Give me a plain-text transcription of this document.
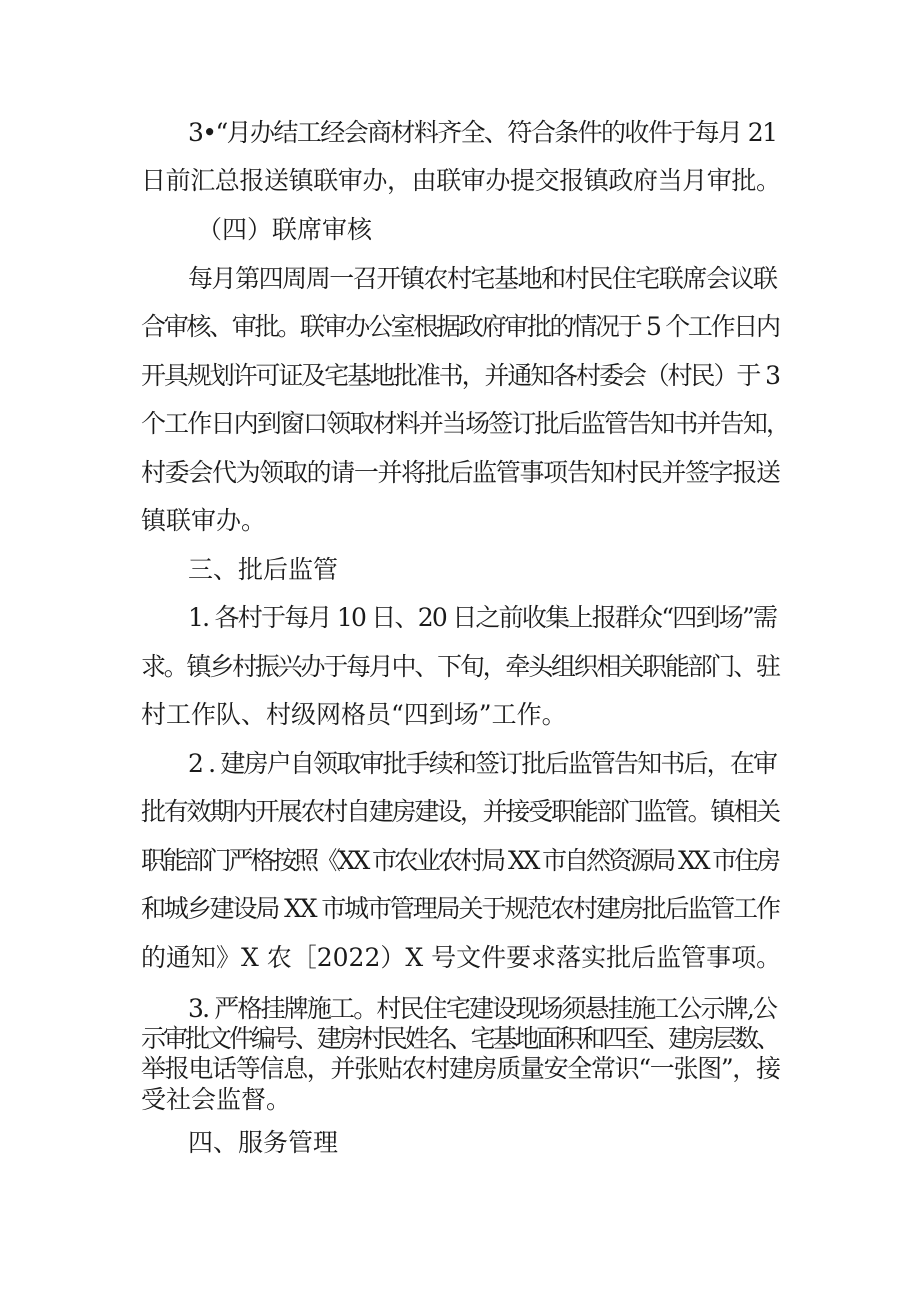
3•“月办结工经会商材料齐全、符合条件的收件于每月 21

日前汇总报送镇联审办，由联审办提交报镇政府当月审批。

（四）联席审核

每月第四周周一召开镇农村宅基地和村民住宅联席会议联

合审核、审批。联审办公室根据政府审批的情况于 5 个工作日内

开具规划许可证及宅基地批准书，并通知各村委会（村民）于 3

个工作日内到窗口领取材料并当场签订批后监管告知书并告知，

村委会代为领取的请一并将批后监管事项告知村民并签字报送

镇联审办。

三、批后监管

1. 各村于每月 10 日、20 日之前收集上报群众“四到场”需

求。镇乡村振兴办于每月中、下旬，牵头组织相关职能部门、驻

村工作队、村级网格员“四到场”工作。

2 . 建房户自领取审批手续和签订批后监管告知书后，在审

批有效期内开展农村自建房建设，并接受职能部门监管。镇相关

职能部门严格按照《XX 市农业农村局 XX 市自然资源局 XX 市住房

和城乡建设局 XX 市城市管理局关于规范农村建房批后监管工作

的通知》X 农［2022）X 号文件要求落实批后监管事项。

3. 严格挂牌施工。村民住宅建设现场须悬挂施工公示牌,公

示审批文件编号、建房村民姓名、宅基地面积和四至、建房层数、

举报电话等信息，并张贴农村建房质量安全常识“一张图”，接

受社会监督。

四、服务管理
